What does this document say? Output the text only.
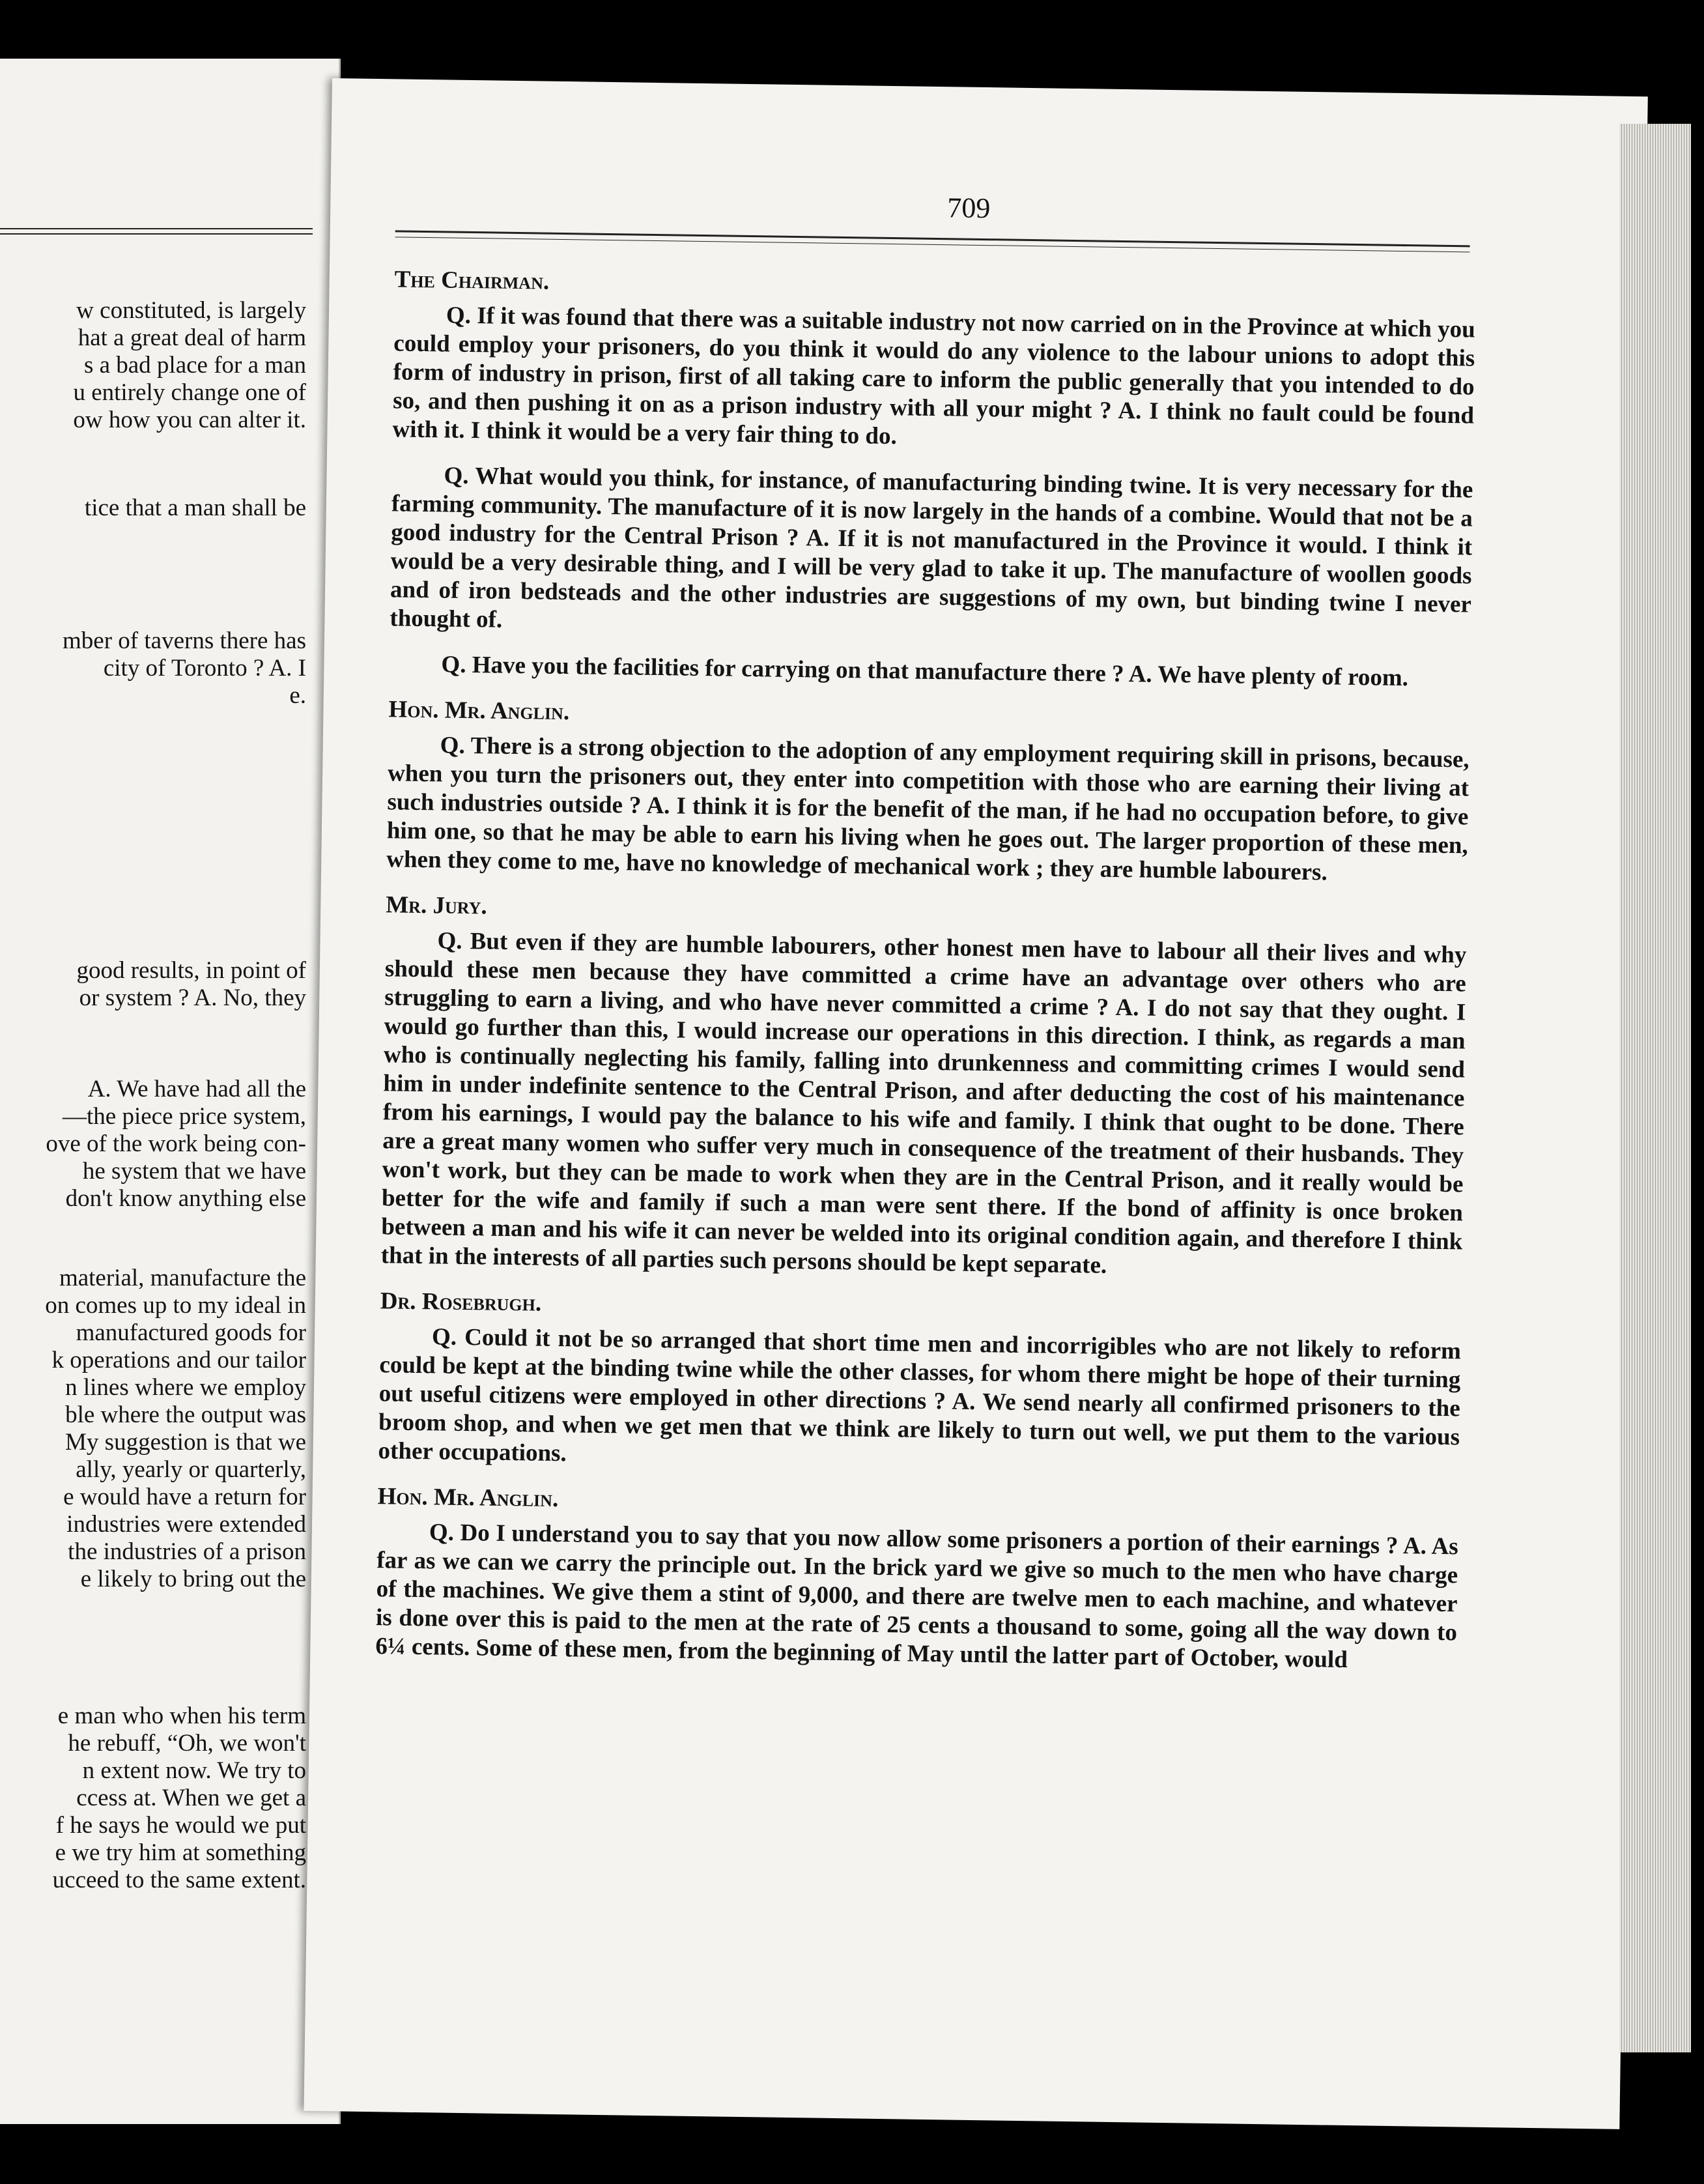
w constituted, is largely
hat a great deal of harm
s a bad place for a man
u entirely change one of
ow how you can alter it.
tice that a man shall be
mber of taverns there has
city of Toronto ? A. I
e.
good results, in point of
or system ? A. No, they
A. We have had all the
—the piece price system,
ove of the work being con-
he system that we have
don't know anything else
material, manufacture the
on comes up to my ideal in
manufactured goods for
k operations and our tailor
n lines where we employ
ble where the output was
My suggestion is that we
ally, yearly or quarterly,
e would have a return for
industries were extended
the industries of a prison
e likely to bring out the
e man who when his term
he rebuff, “Oh, we won't
n extent now. We try to
ccess at. When we get a
f he says he would we put
e we try him at something
ucceed to the same extent.
709
The Chairman.

Q. If it was found that there was a suitable industry not now carried on in the Province at which you could employ your prisoners, do you think it would do any violence to the labour unions to adopt this form of industry in prison, first of all taking care to inform the public generally that you intended to do so, and then pushing it on as a prison industry with all your might ? A. I think no fault could be found with it. I think it would be a very fair thing to do.

Q. What would you think, for instance, of manufacturing binding twine. It is very necessary for the farming community. The manufacture of it is now largely in the hands of a combine. Would that not be a good industry for the Central Prison ? A. If it is not manufactured in the Province it would. I think it would be a very desirable thing, and I will be very glad to take it up. The manufacture of woollen goods and of iron bedsteads and the other industries are suggestions of my own, but binding twine I never thought of.

Q. Have you the facilities for carrying on that manufacture there ? A. We have plenty of room.

Hon. Mr. Anglin.

Q. There is a strong objection to the adoption of any employment requiring skill in prisons, because, when you turn the prisoners out, they enter into competition with those who are earning their living at such industries outside ? A. I think it is for the benefit of the man, if he had no occupation before, to give him one, so that he may be able to earn his living when he goes out. The larger proportion of these men, when they come to me, have no knowledge of mechanical work ; they are humble labourers.

Mr. Jury.

Q. But even if they are humble labourers, other honest men have to labour all their lives and why should these men because they have committed a crime have an advantage over others who are struggling to earn a living, and who have never committed a crime ? A. I do not say that they ought. I would go further than this, I would increase our operations in this direction. I think, as regards a man who is continually neglecting his family, falling into drunkenness and committing crimes I would send him in under indefinite sentence to the Central Prison, and after deducting the cost of his maintenance from his earnings, I would pay the balance to his wife and family. I think that ought to be done. There are a great many women who suffer very much in consequence of the treatment of their husbands. They won't work, but they can be made to work when they are in the Central Prison, and it really would be better for the wife and family if such a man were sent there. If the bond of affinity is once broken between a man and his wife it can never be welded into its original condition again, and therefore I think that in the interests of all parties such persons should be kept separate.

Dr. Rosebrugh.

Q. Could it not be so arranged that short time men and incorrigibles who are not likely to reform could be kept at the binding twine while the other classes, for whom there might be hope of their turning out useful citizens were employed in other directions ? A. We send nearly all confirmed prisoners to the broom shop, and when we get men that we think are likely to turn out well, we put them to the various other occupations.

Hon. Mr. Anglin.

Q. Do I understand you to say that you now allow some prisoners a portion of their earnings ? A. As far as we can we carry the principle out. In the brick yard we give so much to the men who have charge of the machines. We give them a stint of 9,000, and there are twelve men to each machine, and whatever is done over this is paid to the men at the rate of 25 cents a thousand to some, going all the way down to 6¼ cents. Some of these men, from the beginning of May until the latter part of October, would
